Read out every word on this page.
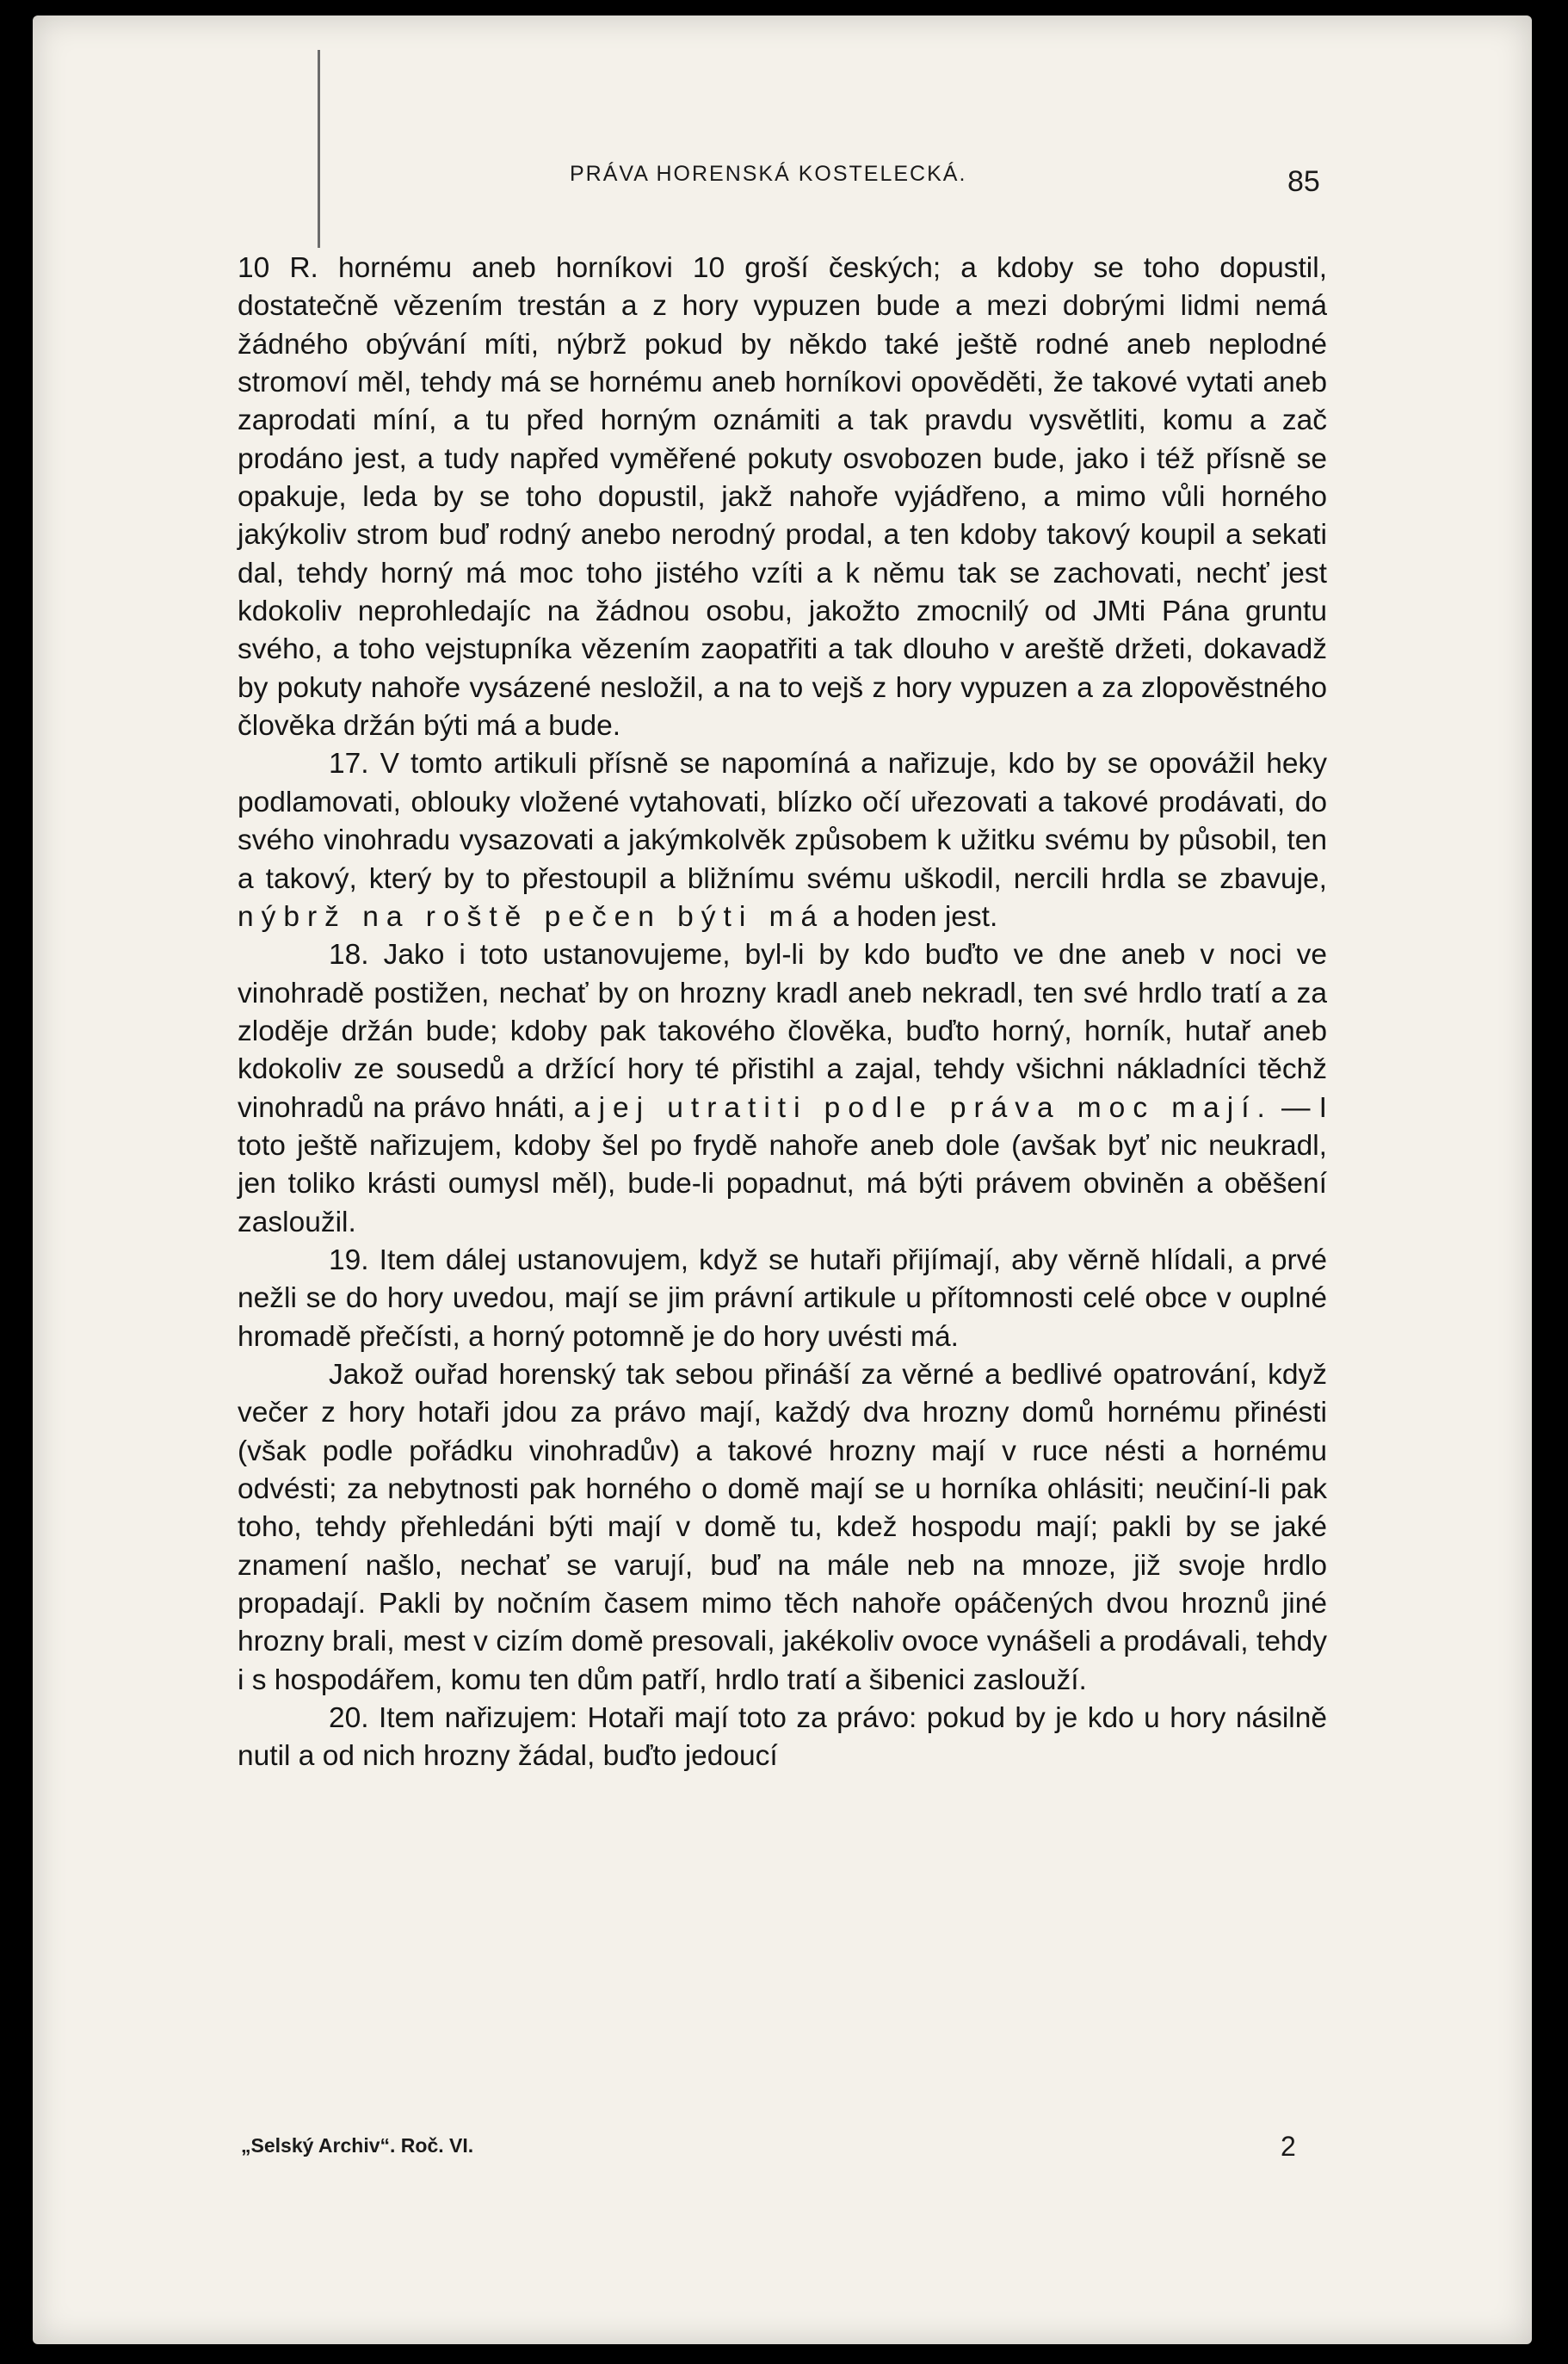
PRÁVA HORENSKÁ KOSTELECKÁ.	85

10 R. hornému aneb horníkovi 10 groší českých; a kdoby se toho dopustil, dostatečně vězením trestán a z hory vypuzen bude a mezi dobrými lidmi nemá žádného obývání míti, nýbrž pokud by někdo také ještě rodné aneb neplodné stromoví měl, tehdy má se hornému aneb horníkovi opověděti, že takové vytati aneb zaprodati míní, a tu před horným oznámiti a tak pravdu vysvětliti, komu a zač prodáno jest, a tudy napřed vyměřené pokuty osvobozen bude, jako i též přísně se opakuje, leda by se toho dopustil, jakž nahoře vyjádřeno, a mimo vůli horného jakýkoliv strom buď rodný anebo nerodný prodal, a ten kdoby takový koupil a sekati dal, tehdy horný má moc toho jistého vzíti a k němu tak se zachovati, nechť jest kdokoliv neprohledajíc na žádnou osobu, jakožto zmocnilý od JMti Pána gruntu svého, a toho vejstupníka vězením zaopatřiti a tak dlouho v areště držeti, dokavadž by pokuty nahoře vysázené nesložil, a na to vejš z hory vypuzen a za zlopověstného člověka držán býti má a bude.

17. V tomto artikuli přísně se napomíná a nařizuje, kdo by se opovážil heky podlamovati, oblouky vložené vytahovati, blízko očí uřezovati a takové prodávati, do svého vinohradu vysazovati a jakýmkolvěk způsobem k užitku svému by působil, ten a takový, který by to přestoupil a bližnímu svému uškodil, nercili hrdla se zbavuje, nýbrž na roště pečen býti má a hoden jest.

18. Jako i toto ustanovujeme, byl-li by kdo buďto ve dne aneb v noci ve vinohradě postižen, nechať by on hrozny kradl aneb nekradl, ten své hrdlo tratí a za zloděje držán bude; kdoby pak takového člověka, buďto horný, horník, hutař aneb kdokoliv ze sousedů a držící hory té přistihl a zajal, tehdy všichni nákladníci těchž vinohradů na právo hnáti, a jej utratiti podle práva moc mají. — I toto ještě nařizujem, kdoby šel po frydě nahoře aneb dole (avšak byť nic neukradl, jen toliko krásti oumysl měl), bude-li popadnut, má býti právem obviněn a oběšení zasloužil.

19. Item dálej ustanovujem, když se hutaři přijímají, aby věrně hlídali, a prvé nežli se do hory uvedou, mají se jim právní artikule u přítomnosti celé obce v ouplné hromadě přečísti, a horný potomně je do hory uvésti má.

Jakož ouřad horenský tak sebou přináší za věrné a bedlivé opatrování, když večer z hory hotaři jdou za právo mají, každý dva hrozny domů hornému přinésti (však podle pořádku vinohradův) a takové hrozny mají v ruce nésti a hornému odvésti; za nebytnosti pak horného o domě mají se u horníka ohlásiti; neučiní-li pak toho, tehdy přehledáni býti mají v domě tu, kdež hospodu mají; pakli by se jaké znamení našlo, nechať se varují, buď na mále neb na mnoze, již svoje hrdlo propadají. Pakli by nočním časem mimo těch nahoře opáčených dvou hroznů jiné hrozny brali, mest v cizím domě presovali, jakékoliv ovoce vynášeli a prodávali, tehdy i s hospodářem, komu ten dům patří, hrdlo tratí a šibenici zaslouží.

20. Item nařizujem: Hotaři mají toto za právo: pokud by je kdo u hory násilně nutil a od nich hrozny žádal, buďto jedoucí

„Selský Archiv“. Roč. VI.	2
